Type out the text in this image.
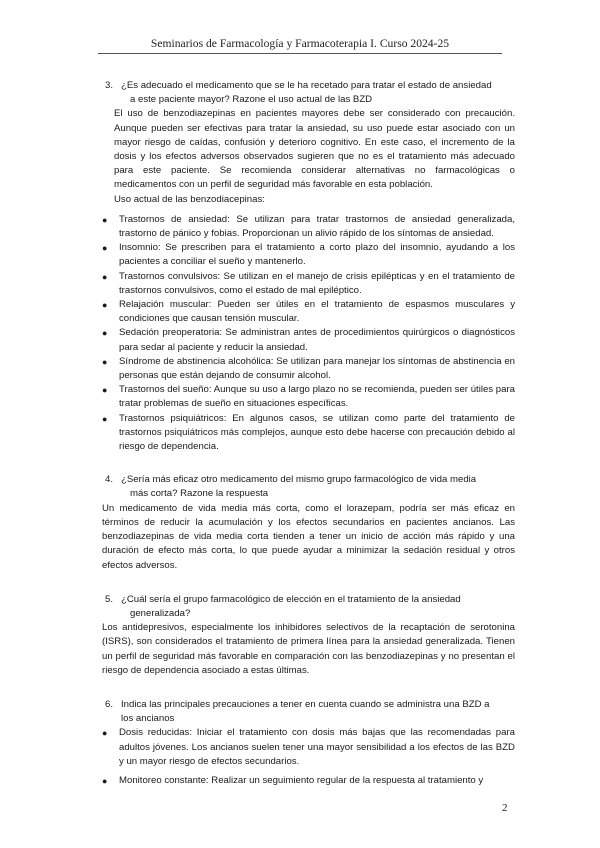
Seminarios de Farmacología y Farmacoterapia I. Curso 2024-25
3. ¿Es adecuado el medicamento que se le ha recetado para tratar el estado de ansiedad
a este paciente mayor? Razone el uso actual de las BZD

El uso de benzodiazepinas en pacientes mayores debe ser considerado con precaución. Aunque pueden ser efectivas para tratar la ansiedad, su uso puede estar asociado con un mayor riesgo de caídas, confusión y deterioro cognitivo. En este caso, el incremento de la dosis y los efectos adversos observados sugieren que no es el tratamiento más adecuado para este paciente. Se recomienda considerar alternativas no farmacológicas o medicamentos con un perfil de seguridad más favorable en esta población.

Uso actual de las benzodiacepinas:

● Trastornos de ansiedad: Se utilizan para tratar trastornos de ansiedad generalizada, trastorno de pánico y fobias. Proporcionan un alivio rápido de los síntomas de ansiedad.
● Insomnio: Se prescriben para el tratamiento a corto plazo del insomnio, ayudando a los pacientes a conciliar el sueño y mantenerlo.
● Trastornos convulsivos: Se utilizan en el manejo de crisis epilépticas y en el tratamiento de trastornos convulsivos, como el estado de mal epiléptico.
● Relajación muscular: Pueden ser útiles en el tratamiento de espasmos musculares y condiciones que causan tensión muscular.
● Sedación preoperatoria: Se administran antes de procedimientos quirúrgicos o diagnósticos para sedar al paciente y reducir la ansiedad.
● Síndrome de abstinencia alcohólica: Se utilizan para manejar los síntomas de abstinencia en personas que están dejando de consumir alcohol.
● Trastornos del sueño: Aunque su uso a largo plazo no se recomienda, pueden ser útiles para tratar problemas de sueño en situaciones específicas.
● Trastornos psiquiátricos: En algunos casos, se utilizan como parte del tratamiento de trastornos psiquiátricos más complejos, aunque esto debe hacerse con precaución debido al riesgo de dependencia.
4. ¿Sería más eficaz otro medicamento del mismo grupo farmacológico de vida media
más corta? Razone la respuesta

Un medicamento de vida media más corta, como el lorazepam, podría ser más eficaz en términos de reducir la acumulación y los efectos secundarios en pacientes ancianos. Las benzodiazepinas de vida media corta tienden a tener un inicio de acción más rápido y una duración de efecto más corta, lo que puede ayudar a minimizar la sedación residual y otros efectos adversos.

5. ¿Cuál sería el grupo farmacológico de elección en el tratamiento de la ansiedad
generalizada?

Los antidepresivos, especialmente los inhibidores selectivos de la recaptación de serotonina (ISRS), son considerados el tratamiento de primera línea para la ansiedad generalizada. Tienen un perfil de seguridad más favorable en comparación con las benzodiazepinas y no presentan el riesgo de dependencia asociado a estas últimas.

6. Indica las principales precauciones a tener en cuenta cuando se administra una BZD a
los ancianos
● Dosis reducidas: Iniciar el tratamiento con dosis más bajas que las recomendadas para adultos jóvenes. Los ancianos suelen tener una mayor sensibilidad a los efectos de las BZD y un mayor riesgo de efectos secundarios.
● Monitoreo constante: Realizar un seguimiento regular de la respuesta al tratamiento y
2
